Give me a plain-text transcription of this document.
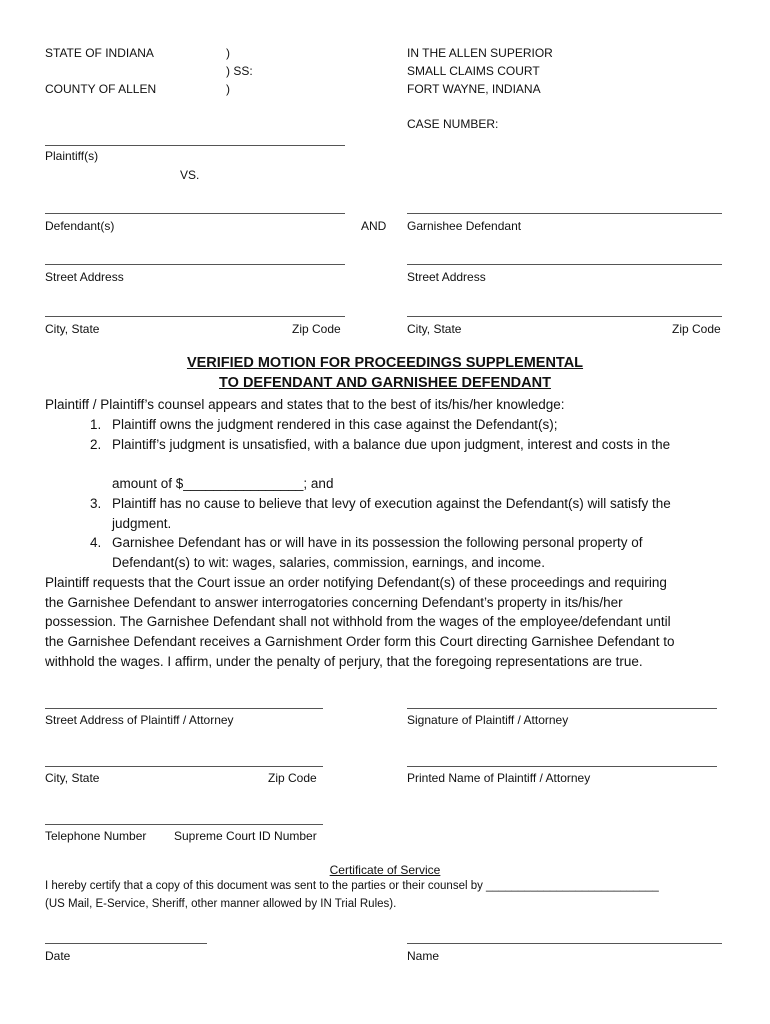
STATE OF INDIANA
COUNTY OF ALLEN
)
) SS:
)
IN THE ALLEN SUPERIOR
SMALL CLAIMS COURT
FORT WAYNE, INDIANA
CASE NUMBER:
Plaintiff(s)
VS.
Defendant(s)	AND Garnishee Defendant
Street Address	Street Address
City, State	Zip Code	City, State	Zip Code
VERIFIED MOTION FOR PROCEEDINGS SUPPLEMENTAL
TO DEFENDANT AND GARNISHEE DEFENDANT
Plaintiff / Plaintiff’s counsel appears and states that to the best of its/his/her knowledge:
1. Plaintiff owns the judgment rendered in this case against the Defendant(s);
2. Plaintiff’s judgment is unsatisfied, with a balance due upon judgment, interest and costs in the
amount of $________________; and
3. Plaintiff has no cause to believe that levy of execution against the Defendant(s) will satisfy the
judgment.
4. Garnishee Defendant has or will have in its possession the following personal property of
Defendant(s) to wit: wages, salaries, commission, earnings, and income.
Plaintiff requests that the Court issue an order notifying Defendant(s) of these proceedings and requiring
the Garnishee Defendant to answer interrogatories concerning Defendant’s property in its/his/her
possession. The Garnishee Defendant shall not withhold from the wages of the employee/defendant until
the Garnishee Defendant receives a Garnishment Order form this Court directing Garnishee Defendant to
withhold the wages. I affirm, under the penalty of perjury, that the foregoing representations are true.
Street Address of Plaintiff / Attorney	Signature of Plaintiff / Attorney
City, State	Zip Code	Printed Name of Plaintiff / Attorney
Telephone Number Supreme Court ID Number
Certificate of Service
I hereby certify that a copy of this document was sent to the parties or their counsel by ___________________________
(US Mail, E-Service, Sheriff, other manner allowed by IN Trial Rules).
Date	Name
